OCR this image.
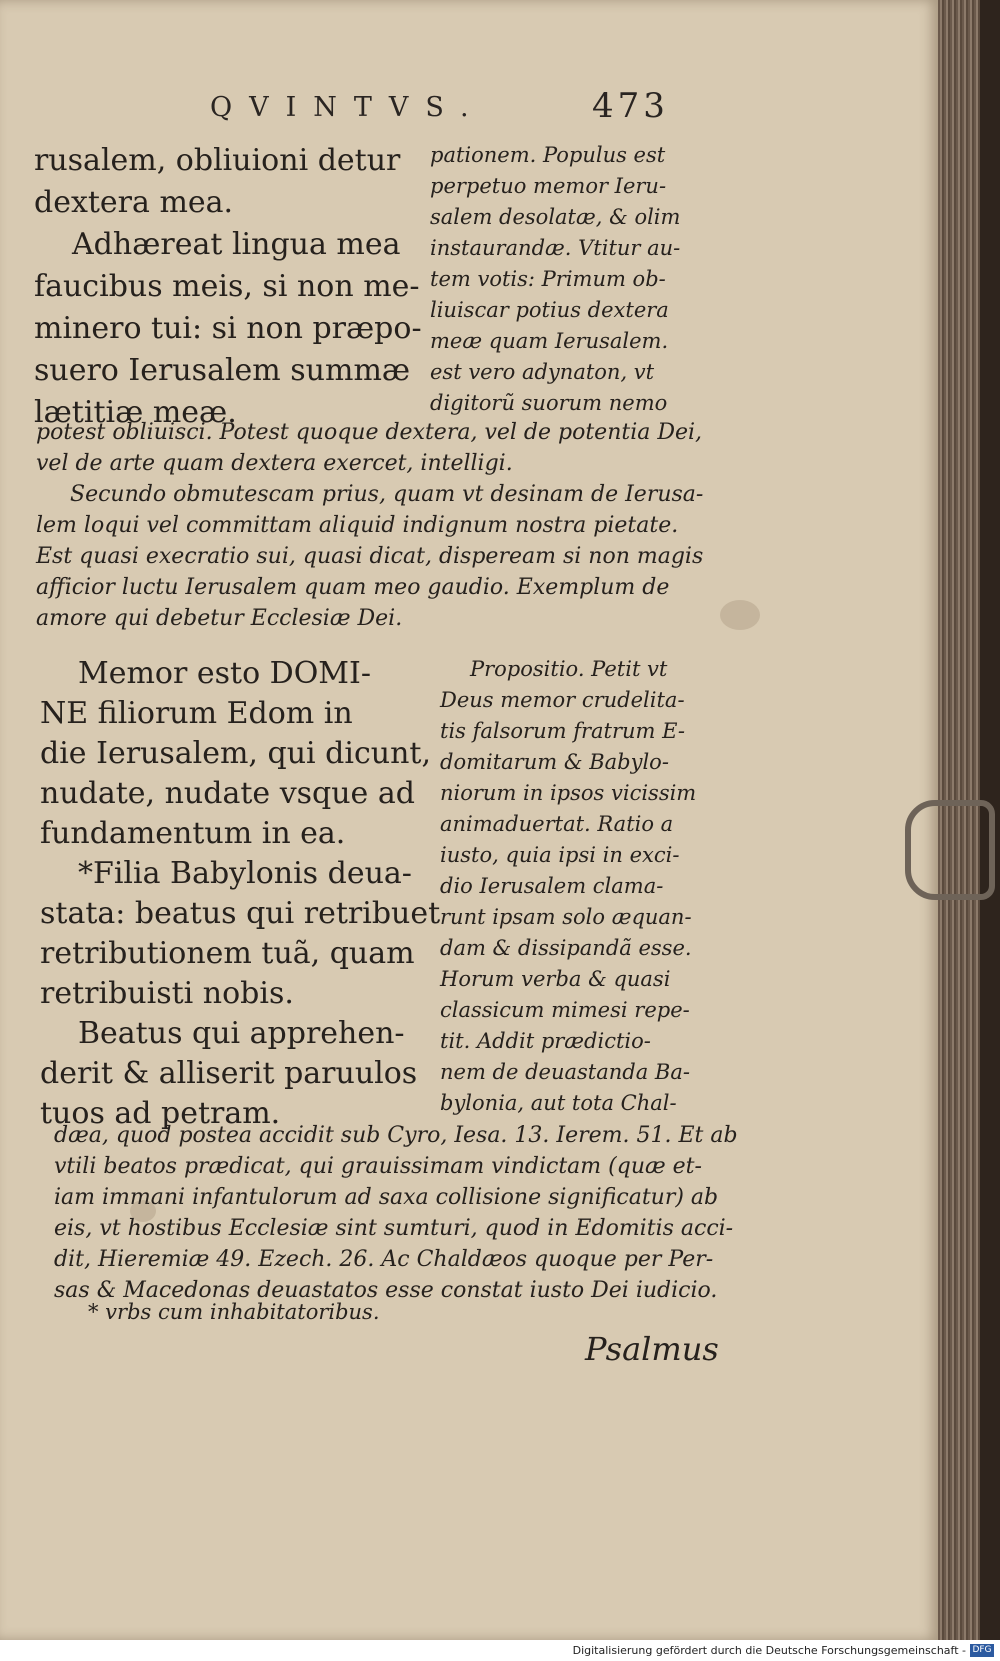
QVINTVS.	473
rusalem, obliuioni detur
dextera mea.
Adhæreat lingua mea
faucibus meis, si non me-
minero tui: si non præpo-
suero Ierusalem summæ
lætitiæ meæ.
pationem. Populus est
perpetuo memor Ieru-
salem desolatæ, & olim
instaurandæ. Vtitur au-
tem votis: Primum ob-
liuiscar potius dextera
meæ quam Ierusalem.
est vero adynaton, vt
digitorũ suorum nemo
potest obliuisci. Potest quoque dextera, vel de potentia Dei,
vel de arte quam dextera exercet, intelligi.
Secundo obmutescam prius, quam vt desinam de Ierusa-
lem loqui vel committam aliquid indignum nostra pietate.
Est quasi execratio sui, quasi dicat, dispeream si non magis
afficior luctu Ierusalem quam meo gaudio. Exemplum de
amore qui debetur Ecclesiæ Dei.
Memor esto DOMI-
NE filiorum Edom in
die Ierusalem, qui dicunt,
nudate, nudate vsque ad
fundamentum in ea.
*Filia Babylonis deua-
stata: beatus qui retribuet
retributionem tuã, quam
retribuisti nobis.
Beatus qui apprehen-
derit & alliserit paruulos
tuos ad petram.
Propositio. Petit vt
Deus memor crudelita-
tis falsorum fratrum E-
domitarum & Babylo-
niorum in ipsos vicissim
animaduertat. Ratio a
iusto, quia ipsi in exci-
dio Ierusalem clama-
runt ipsam solo æquan-
dam & dissipandã esse.
Horum verba & quasi
classicum mimesi repe-
tit. Addit prædictio-
nem de deuastanda Ba-
bylonia, aut tota Chal-
dæa, quod postea accidit sub Cyro, Iesa. 13. Ierem. 51. Et ab
vtili beatos prædicat, qui grauissimam vindictam (quæ et-
iam immani infantulorum ad saxa collisione significatur) ab
eis, vt hostibus Ecclesiæ sint sumturi, quod in Edomitis acci-
dit, Hieremiæ 49. Ezech. 26. Ac Chaldæos quoque per Per-
sas & Macedonas deuastatos esse constat iusto Dei iudicio.
* vrbs cum inhabitatoribus.
Psalmus
Digitalisierung gefördert durch die Deutsche Forschungsgemeinschaft - DFG
